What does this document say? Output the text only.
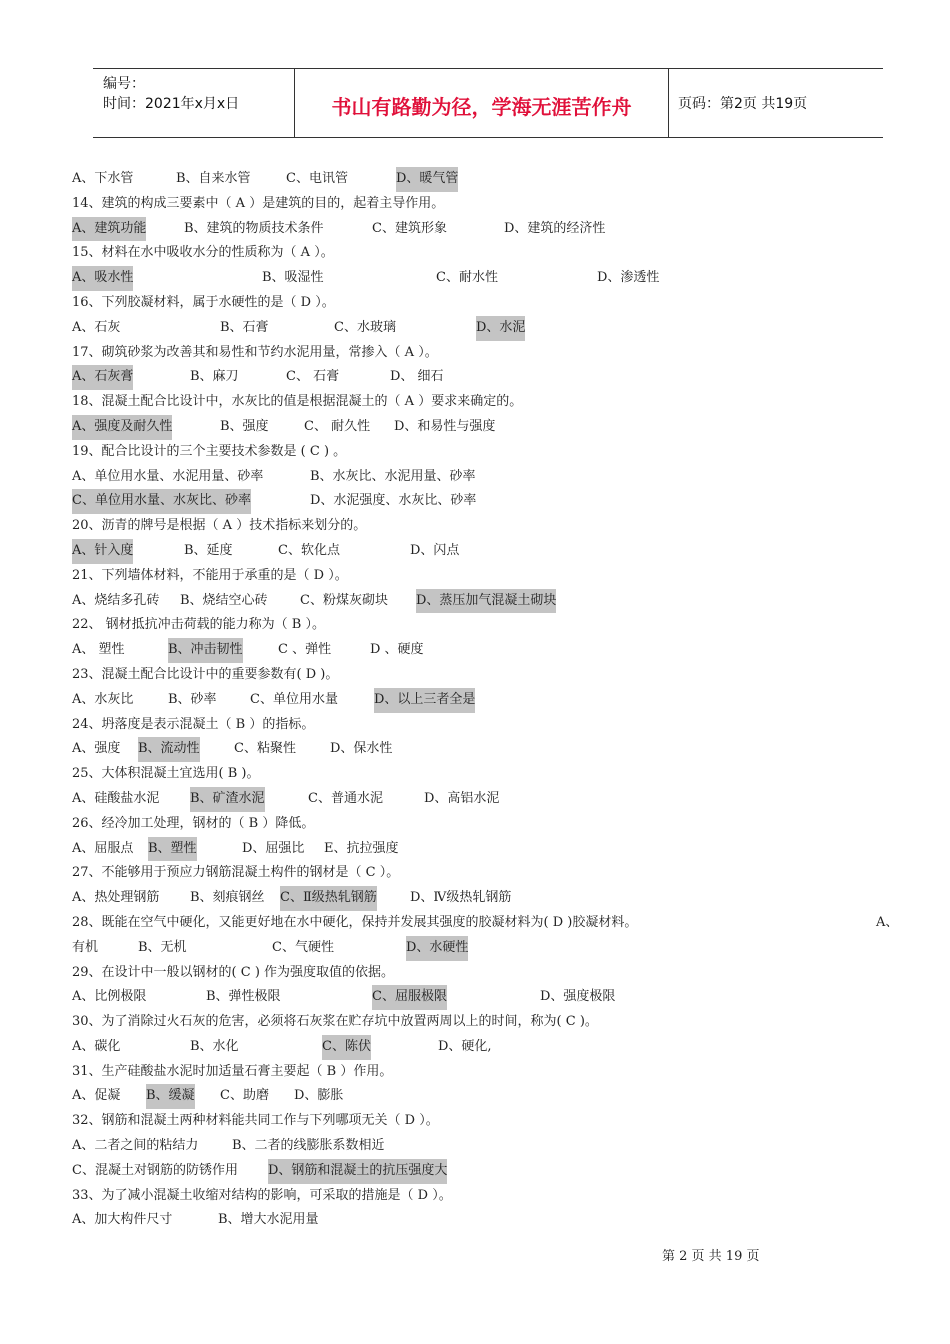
编号：
时间：2021年x月x日	书山有路勤为径，学海无涯苦作舟	页码：第2页 共19页
A、下水管	B、自来水管	C、电讯管	D、暖气管
14、建筑的构成三要素中（ A ）是建筑的目的，起着主导作用。
A、建筑功能	B、建筑的物质技术条件	C、建筑形象	D、建筑的经济性
15、材料在水中吸收水分的性质称为（ A ）。
A、吸水性	B、吸湿性	C、耐水性	D、渗透性
16、下列胶凝材料，属于水硬性的是（ D ）。
A、石灰	B、石膏	C、水玻璃	D、水泥
17、砌筑砂浆为改善其和易性和节约水泥用量，常掺入（ A ）。
A、石灰膏	B、麻刀	C、 石膏	D、 细石
18、混凝土配合比设计中，水灰比的值是根据混凝土的（ A ）要求来确定的。
A、强度及耐久性	B、强度	C、 耐久性 D、和易性与强度
19、配合比设计的三个主要技术参数是 ( C ) 。
A、单位用水量、水泥用量、砂率	B、水灰比、水泥用量、砂率
C、单位用水量、水灰比、砂率	D、水泥强度、水灰比、砂率
20、沥青的牌号是根据（ A ）技术指标来划分的。
A、针入度	B、延度	C、软化点	D、闪点
21、下列墙体材料，不能用于承重的是（ D ）。
A、烧结多孔砖 B、烧结空心砖 C、粉煤灰砌块 D、蒸压加气混凝土砌块
22、 钢材抵抗冲击荷载的能力称为（ B ）。
A、 塑性	B、冲击韧性	C 、弹性	D 、硬度
23、混凝土配合比设计中的重要参数有( D )。
A、水灰比	B、砂率	C、单位用水量	D、以上三者全是
24、坍落度是表示混凝土（ B ）的指标。
A、强度 B、流动性	C、粘聚性	D、保水性
25、大体积混凝土宜选用( B )。
A、硅酸盐水泥 B、矿渣水泥	C、普通水泥	D、高铝水泥
26、经冷加工处理，钢材的（ B ）降低。
A、屈服点 B、塑性	D、屈强比 E、抗拉强度
27、不能够用于预应力钢筋混凝土构件的钢材是（ C ）。
A、热处理钢筋 B、刻痕钢丝 C、Ⅱ级热轧钢筋	D、Ⅳ级热轧钢筋
28、既能在空气中硬化，又能更好地在水中硬化，保持并发展其强度的胶凝材料为( D )胶凝材料。	A、
有机	B、无机	C、气硬性	D、水硬性
29、在设计中一般以钢材的( C ) 作为强度取值的依据。
A、比例极限	B、弹性极限	C、屈服极限	D、强度极限
30、为了消除过火石灰的危害，必须将石灰浆在贮存坑中放置两周以上的时间，称为( C )。
A、碳化	B、水化	C、陈伏	D、硬化,
31、生产硅酸盐水泥时加适量石膏主要起（ B ）作用。
A、促凝 B、缓凝 C、助磨 D、膨胀
32、钢筋和混凝土两种材料能共同工作与下列哪项无关（ D ）。
A、二者之间的粘结力	B、二者的线膨胀系数相近
C、混凝土对钢筋的防锈作用 D、钢筋和混凝土的抗压强度大
33、为了减小混凝土收缩对结构的影响，可采取的措施是（ D ）。
A、加大构件尺寸	B、增大水泥用量
第 2 页 共 19 页
